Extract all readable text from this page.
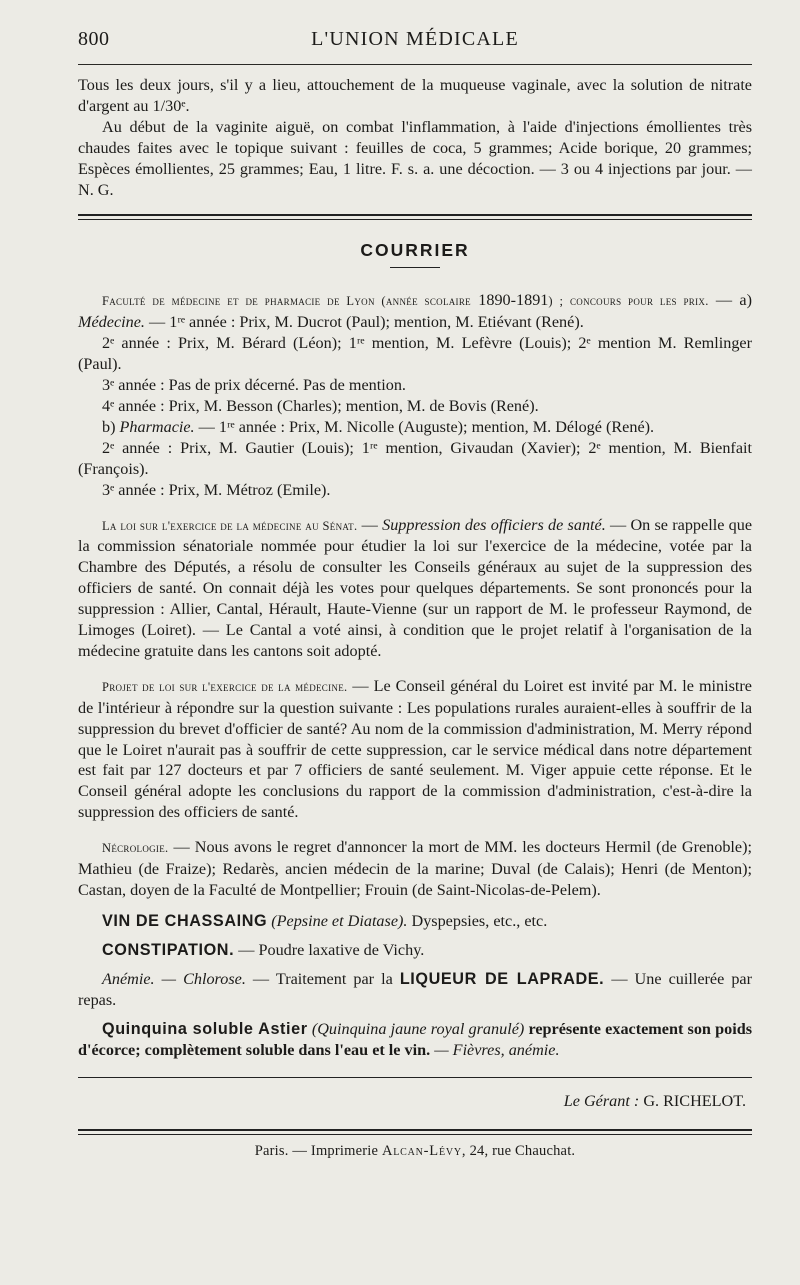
800	L'UNION MÉDICALE

Tous les deux jours, s'il y a lieu, attouchement de la muqueuse vaginale, avec la solution de nitrate d'argent au 1/30ᵉ.

Au début de la vaginite aiguë, on combat l'inflammation, à l'aide d'injections émollientes très chaudes faites avec le topique suivant : feuilles de coca, 5 grammes; Acide borique, 20 grammes; Espèces émollientes, 25 grammes; Eau, 1 litre. F. s. a. une décoction. — 3 ou 4 injections par jour. — N. G.

COURRIER

Faculté de médecine et de pharmacie de Lyon (année scolaire 1890-1891) ; concours pour les prix. — a) Médecine. — 1ʳᵉ année : Prix, M. Ducrot (Paul); mention, M. Etiévant (René).

2ᵉ année : Prix, M. Bérard (Léon); 1ʳᵉ mention, M. Lefèvre (Louis); 2ᵉ mention M. Remlinger (Paul).

3ᵉ année : Pas de prix décerné. Pas de mention.

4ᵉ année : Prix, M. Besson (Charles); mention, M. de Bovis (René).

b) Pharmacie. — 1ʳᵉ année : Prix, M. Nicolle (Auguste); mention, M. Délogé (René).

2ᵉ année : Prix, M. Gautier (Louis); 1ʳᵉ mention, Givaudan (Xavier); 2ᵉ mention, M. Bienfait (François).

3ᵉ année : Prix, M. Métroz (Emile).

La loi sur l'exercice de la médecine au Sénat. — Suppression des officiers de santé. — On se rappelle que la commission sénatoriale nommée pour étudier la loi sur l'exercice de la médecine, votée par la Chambre des Députés, a résolu de consulter les Conseils généraux au sujet de la suppression des officiers de santé. On connait déjà les votes pour quelques départements. Se sont prononcés pour la suppression : Allier, Cantal, Hérault, Haute-Vienne (sur un rapport de M. le professeur Raymond, de Limoges (Loiret). — Le Cantal a voté ainsi, à condition que le projet relatif à l'organisation de la médecine gratuite dans les cantons soit adopté.

Projet de loi sur l'exercice de la médecine. — Le Conseil général du Loiret est invité par M. le ministre de l'intérieur à répondre sur la question suivante : Les populations rurales auraient-elles à souffrir de la suppression du brevet d'officier de santé? Au nom de la commission d'administration, M. Merry répond que le Loiret n'aurait pas à souffrir de cette suppression, car le service médical dans notre département est fait par 127 docteurs et par 7 officiers de santé seulement. M. Viger appuie cette réponse. Et le Conseil général adopte les conclusions du rapport de la commission d'administration, c'est-à-dire la suppression des officiers de santé.

Nécrologie. — Nous avons le regret d'annoncer la mort de MM. les docteurs Hermil (de Grenoble); Mathieu (de Fraize); Redarès, ancien médecin de la marine; Duval (de Calais); Henri (de Menton); Castan, doyen de la Faculté de Montpellier; Frouin (de Saint-Nicolas-de-Pelem).

VIN DE CHASSAING (Pepsine et Diatase). Dyspepsies, etc., etc.

CONSTIPATION. — Poudre laxative de Vichy.

Anémie. — Chlorose. — Traitement par la LIQUEUR DE LAPRADE. — Une cuillerée par repas.

Quinquina soluble Astier (Quinquina jaune royal granulé) représente exactement son poids d'écorce; complètement soluble dans l'eau et le vin. — Fièvres, anémie.

Le Gérant : G. RICHELOT.
Paris. — Imprimerie Alcan-Lévy, 24, rue Chauchat.
